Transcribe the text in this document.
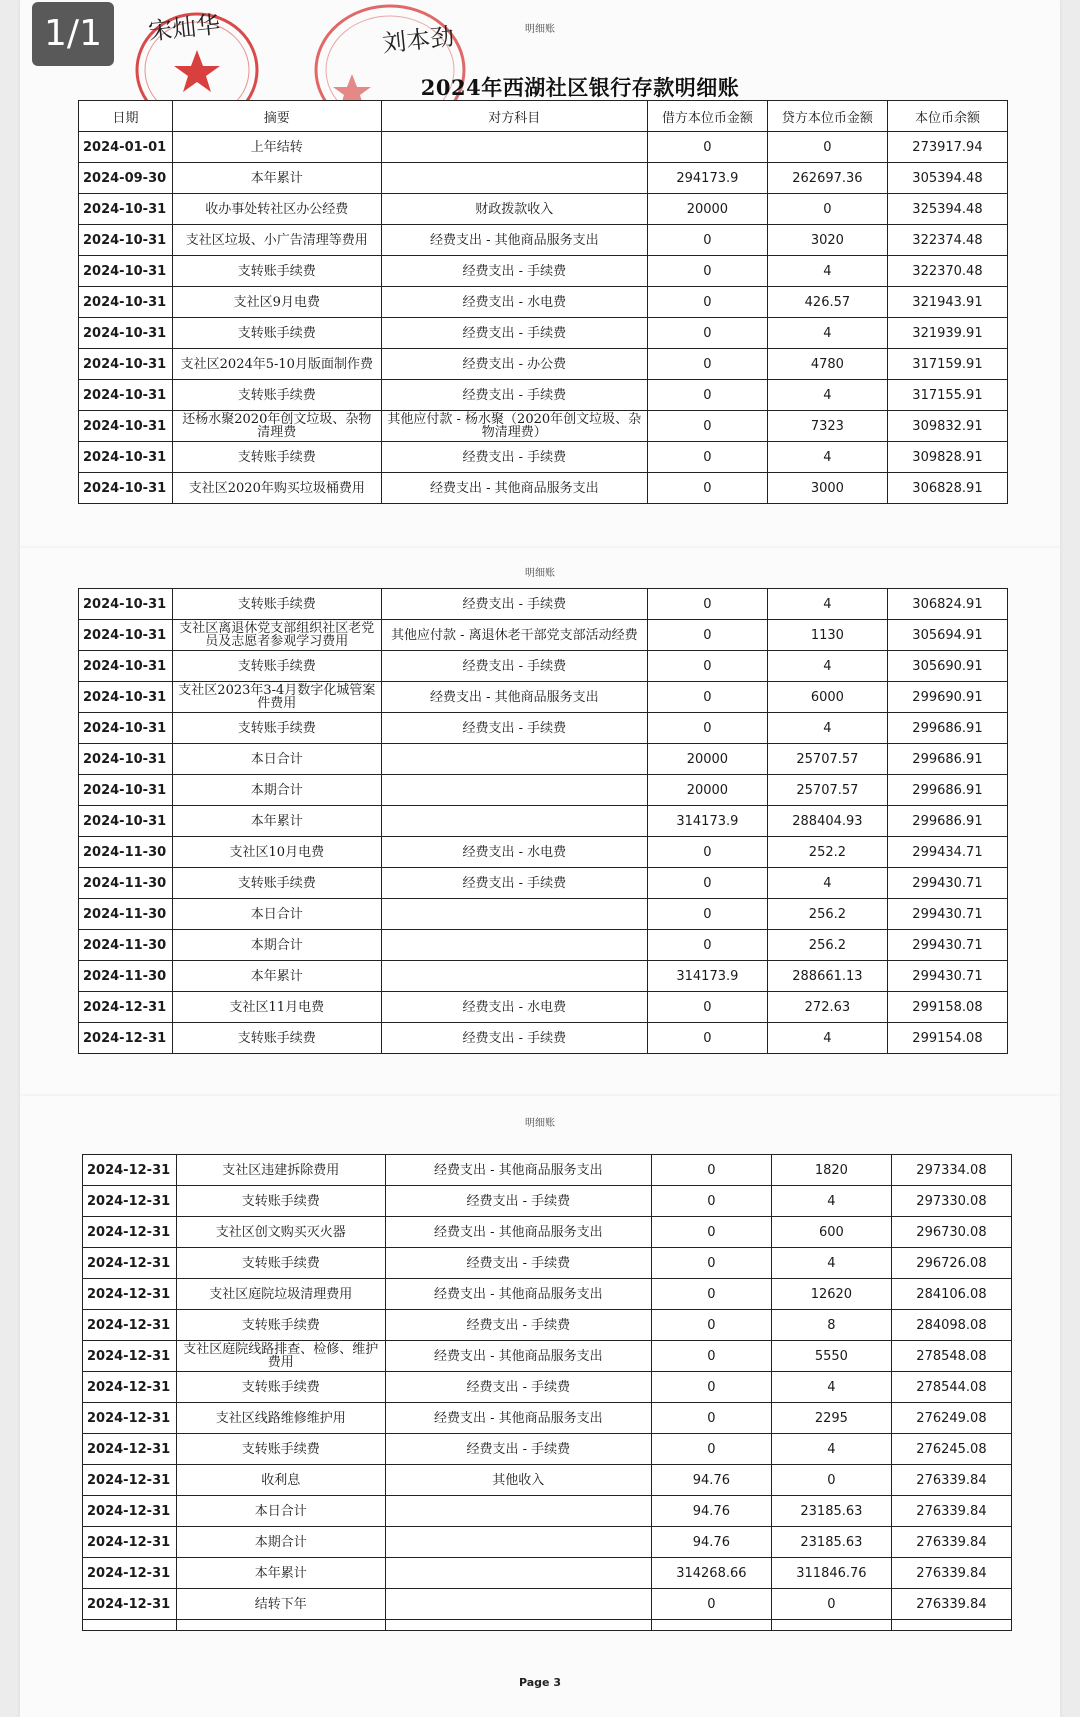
明细账
宋灿华	刘本劲
2024年西湖社区银行存款明细账
日期	摘要	对方科目	借方本位币金额	贷方本位币金额	本位币余额
2024-01-01	上年结转		0	0	273917.94
2024-09-30	本年累计		294173.9	262697.36	305394.48
2024-10-31	收办事处转社区办公经费	财政拨款收入	20000	0	325394.48
2024-10-31	支社区垃圾、小广告清理等费用	经费支出 - 其他商品服务支出	0	3020	322374.48
2024-10-31	支转账手续费	经费支出 - 手续费	0	4	322370.48
2024-10-31	支社区9月电费	经费支出 - 水电费	0	426.57	321943.91
2024-10-31	支转账手续费	经费支出 - 手续费	0	4	321939.91
2024-10-31	支社区2024年5-10月版面制作费	经费支出 - 办公费	0	4780	317159.91
2024-10-31	支转账手续费	经费支出 - 手续费	0	4	317155.91
2024-10-31	还杨水聚2020年创文垃圾、杂物清理费	其他应付款 - 杨水聚（2020年创文垃圾、杂物清理费）	0	7323	309832.91
2024-10-31	支转账手续费	经费支出 - 手续费	0	4	309828.91
2024-10-31	支社区2020年购买垃圾桶费用	经费支出 - 其他商品服务支出	0	3000	306828.91
明细账
2024-10-31	支转账手续费	经费支出 - 手续费	0	4	306824.91
2024-10-31	支社区离退休党支部组织社区老党员及志愿者参观学习费用	其他应付款 - 离退休老干部党支部活动经费	0	1130	305694.91
2024-10-31	支转账手续费	经费支出 - 手续费	0	4	305690.91
2024-10-31	支社区2023年3-4月数字化城管案件费用	经费支出 - 其他商品服务支出	0	6000	299690.91
2024-10-31	支转账手续费	经费支出 - 手续费	0	4	299686.91
2024-10-31	本日合计		20000	25707.57	299686.91
2024-10-31	本期合计		20000	25707.57	299686.91
2024-10-31	本年累计		314173.9	288404.93	299686.91
2024-11-30	支社区10月电费	经费支出 - 水电费	0	252.2	299434.71
2024-11-30	支转账手续费	经费支出 - 手续费	0	4	299430.71
2024-11-30	本日合计		0	256.2	299430.71
2024-11-30	本期合计		0	256.2	299430.71
2024-11-30	本年累计		314173.9	288661.13	299430.71
2024-12-31	支社区11月电费	经费支出 - 水电费	0	272.63	299158.08
2024-12-31	支转账手续费	经费支出 - 手续费	0	4	299154.08
明细账
2024-12-31	支社区违建拆除费用	经费支出 - 其他商品服务支出	0	1820	297334.08
2024-12-31	支转账手续费	经费支出 - 手续费	0	4	297330.08
2024-12-31	支社区创文购买灭火器	经费支出 - 其他商品服务支出	0	600	296730.08
2024-12-31	支转账手续费	经费支出 - 手续费	0	4	296726.08
2024-12-31	支社区庭院垃圾清理费用	经费支出 - 其他商品服务支出	0	12620	284106.08
2024-12-31	支转账手续费	经费支出 - 手续费	0	8	284098.08
2024-12-31	支社区庭院线路排查、检修、维护费用	经费支出 - 其他商品服务支出	0	5550	278548.08
2024-12-31	支转账手续费	经费支出 - 手续费	0	4	278544.08
2024-12-31	支社区线路维修维护用	经费支出 - 其他商品服务支出	0	2295	276249.08
2024-12-31	支转账手续费	经费支出 - 手续费	0	4	276245.08
2024-12-31	收利息	其他收入	94.76	0	276339.84
2024-12-31	本日合计		94.76	23185.63	276339.84
2024-12-31	本期合计		94.76	23185.63	276339.84
2024-12-31	本年累计		314268.66	311846.76	276339.84
2024-12-31	结转下年		0	0	276339.84

Page 3
1/1
